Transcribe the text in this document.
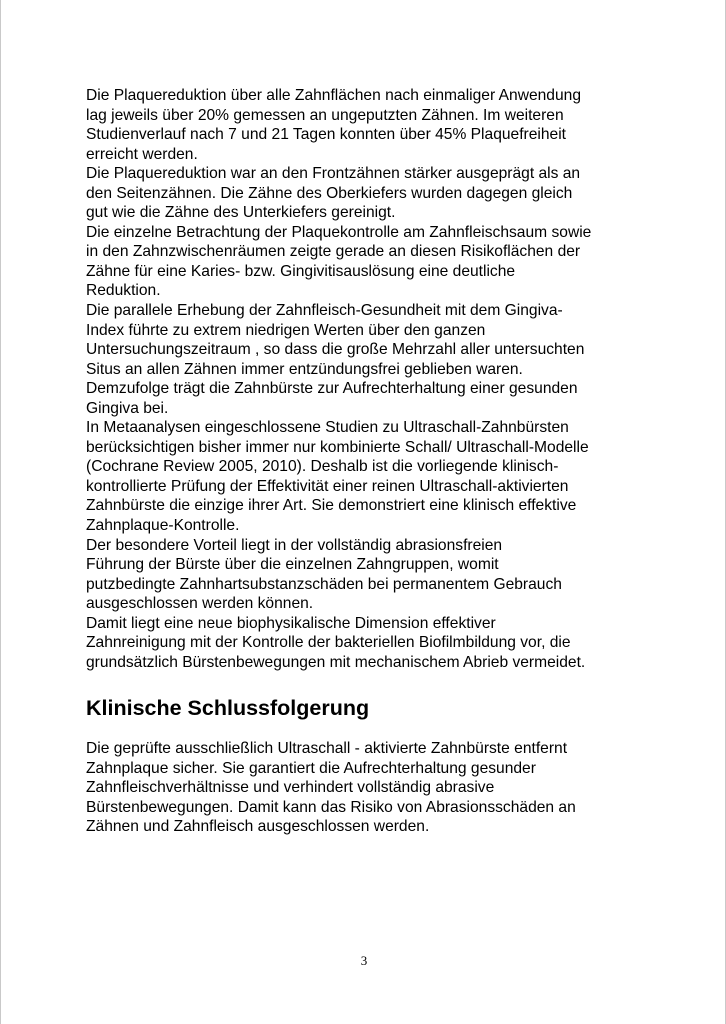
Die Plaquereduktion über alle Zahnflächen nach einmaliger Anwendung

lag jeweils über 20% gemessen an ungeputzten Zähnen. Im weiteren

Studienverlauf nach 7 und 21 Tagen konnten über 45% Plaquefreiheit

erreicht werden.

Die Plaquereduktion war an den Frontzähnen stärker ausgeprägt als an

den Seitenzähnen. Die Zähne des Oberkiefers wurden dagegen gleich

gut wie die Zähne des Unterkiefers gereinigt.

Die einzelne Betrachtung der Plaquekontrolle am Zahnfleischsaum sowie

in den Zahnzwischenräumen zeigte gerade an diesen Risikoflächen der

Zähne für eine Karies- bzw. Gingivitisauslösung eine deutliche

Reduktion.

Die parallele Erhebung der Zahnfleisch-Gesundheit mit dem Gingiva-

Index führte zu extrem niedrigen Werten über den ganzen

Untersuchungszeitraum , so dass die große Mehrzahl aller untersuchten

Situs an allen Zähnen immer entzündungsfrei geblieben waren.

Demzufolge trägt die Zahnbürste zur Aufrechterhaltung einer gesunden

Gingiva bei.

In Metaanalysen eingeschlossene Studien zu Ultraschall-Zahnbürsten

berücksichtigen bisher immer nur kombinierte Schall/ Ultraschall-Modelle

(Cochrane Review 2005, 2010). Deshalb ist die vorliegende klinisch-

kontrollierte Prüfung der Effektivität einer reinen Ultraschall-aktivierten

Zahnbürste die einzige ihrer Art. Sie demonstriert eine klinisch effektive

Zahnplaque-Kontrolle.

Der besondere Vorteil liegt in der vollständig abrasionsfreien

Führung der Bürste über die einzelnen Zahngruppen, womit

putzbedingte Zahnhartsubstanzschäden bei permanentem Gebrauch

ausgeschlossen werden können.

Damit liegt eine neue biophysikalische Dimension effektiver

Zahnreinigung mit der Kontrolle der bakteriellen Biofilmbildung vor, die

grundsätzlich Bürstenbewegungen mit mechanischem Abrieb vermeidet.

Klinische Schlussfolgerung

Die geprüfte ausschließlich Ultraschall - aktivierte Zahnbürste entfernt

Zahnplaque sicher. Sie garantiert die Aufrechterhaltung gesunder

Zahnfleischverhältnisse und verhindert vollständig abrasive

Bürstenbewegungen. Damit kann das Risiko von Abrasionsschäden an

Zähnen und Zahnfleisch ausgeschlossen werden.

3
